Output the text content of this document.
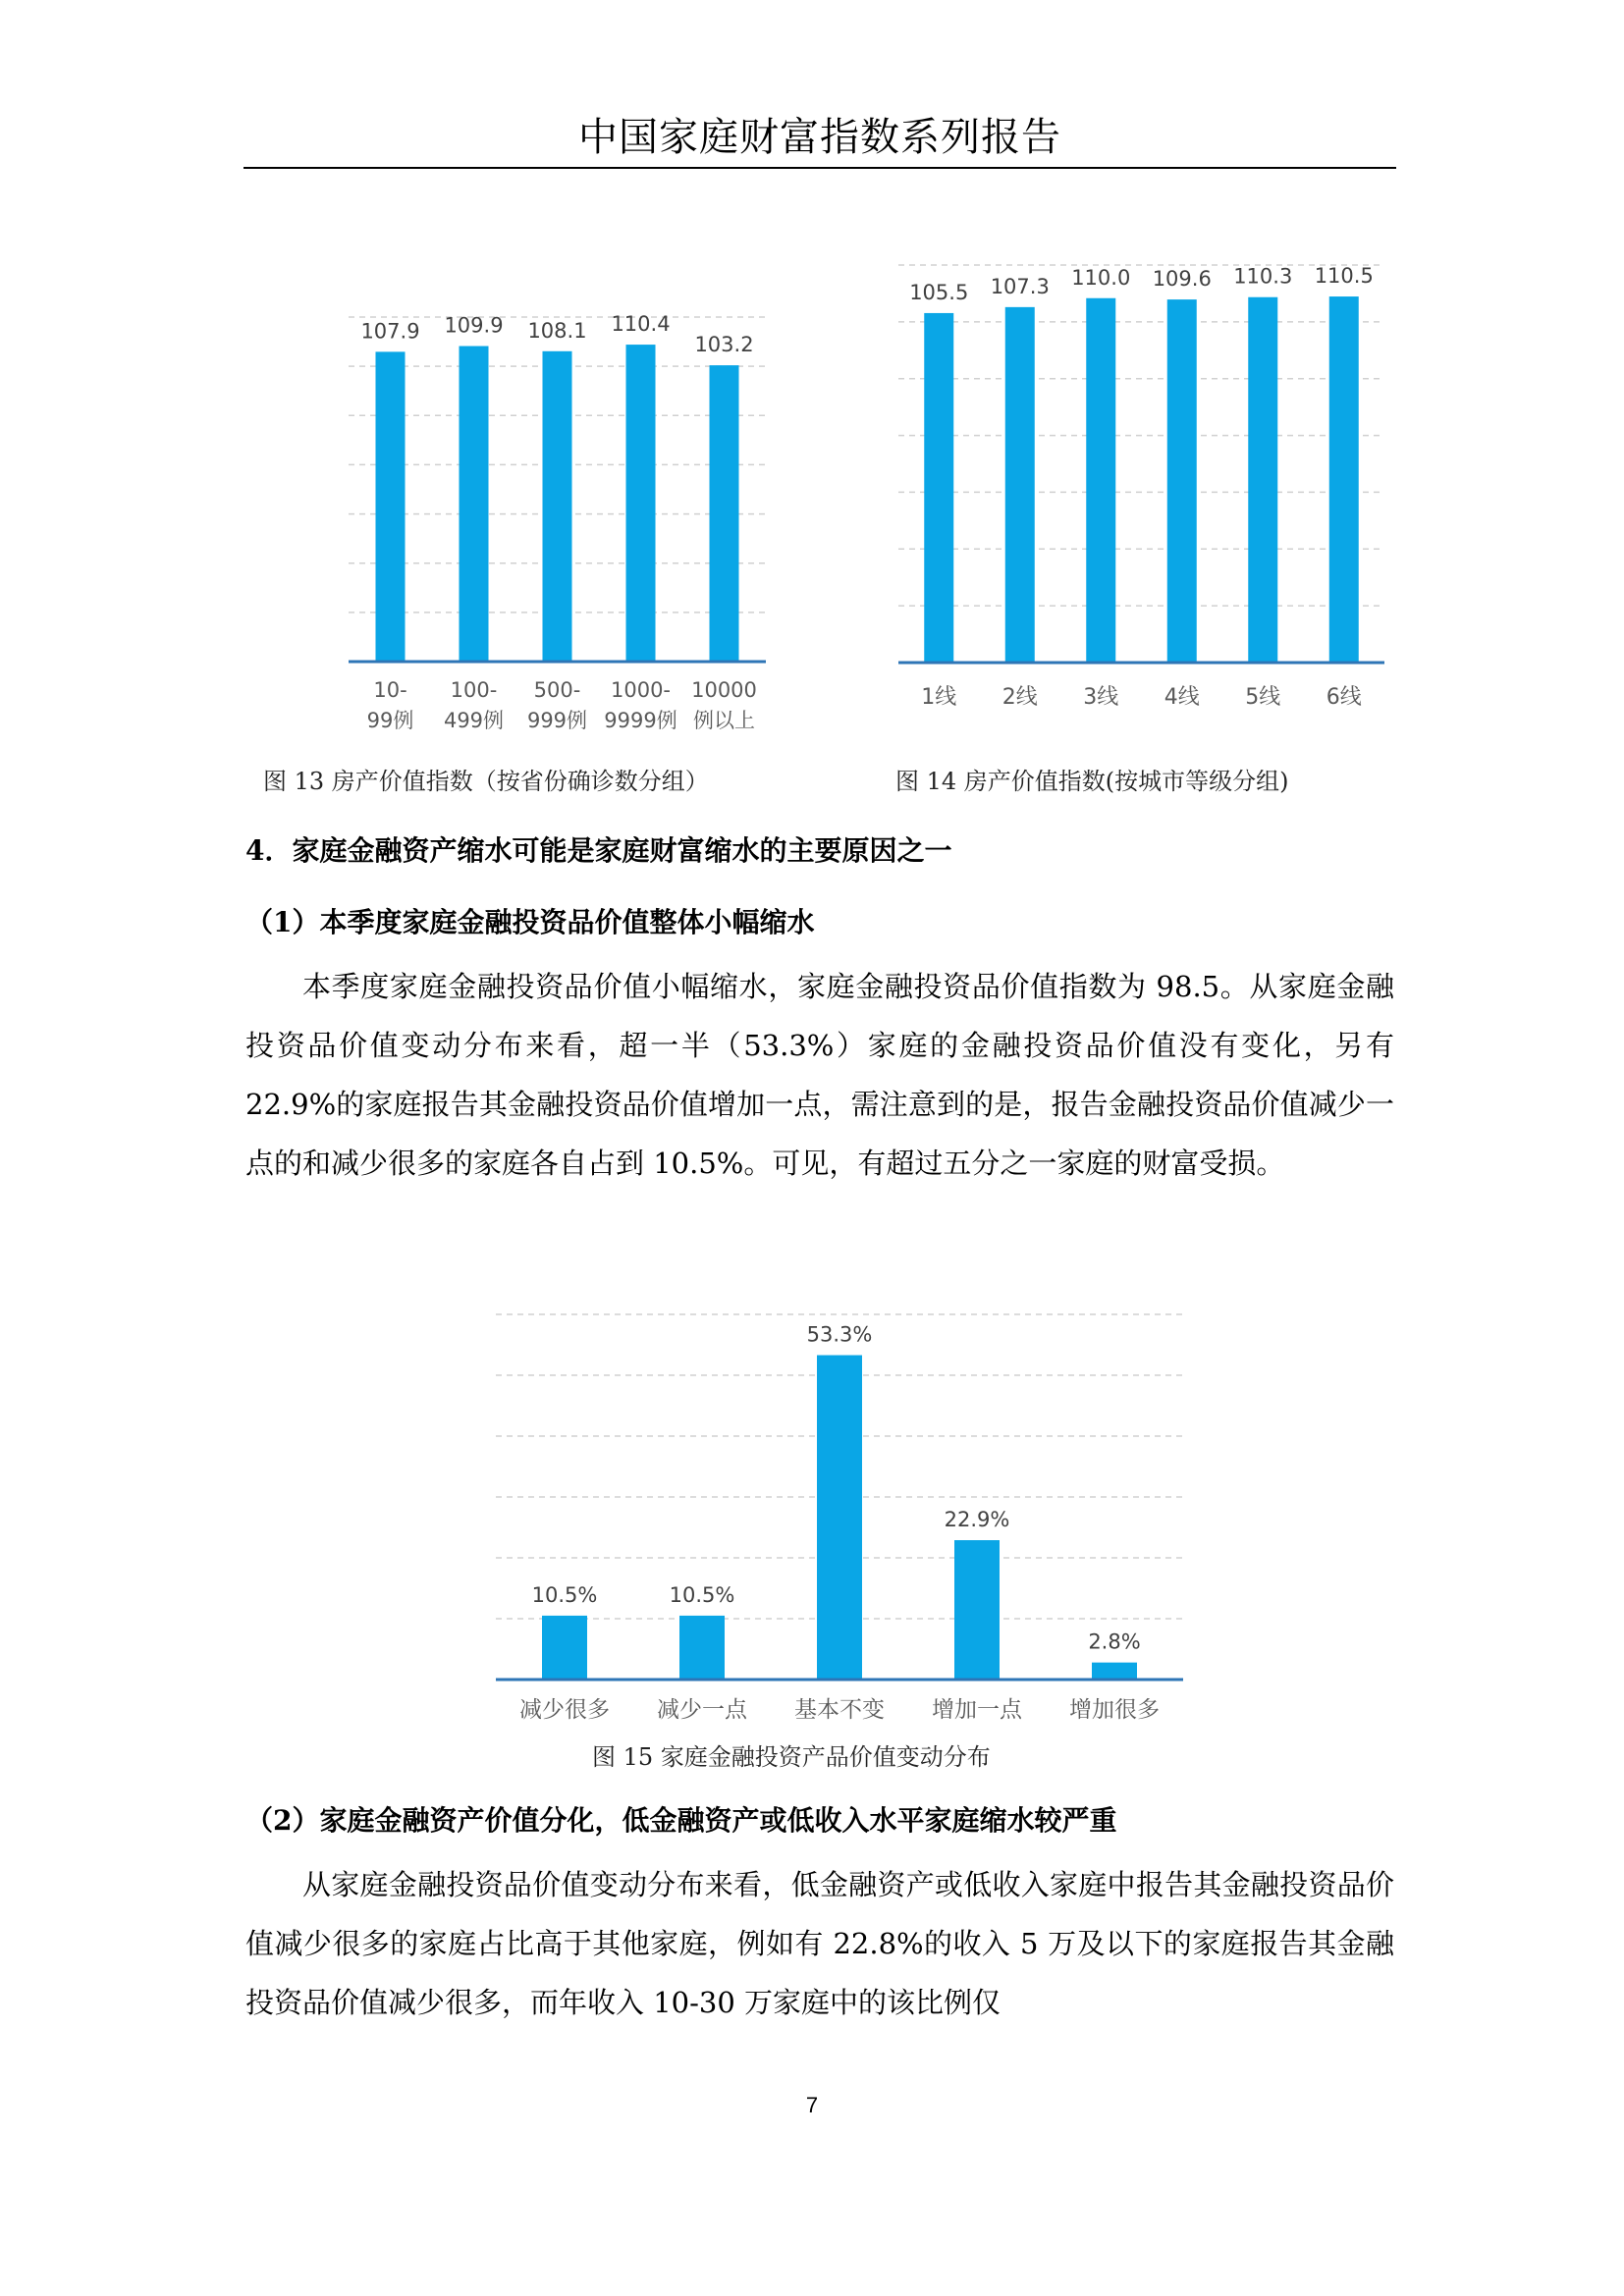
中国家庭财富指数系列报告
107.9
10-
99例
109.9
100-
499例
108.1
500-
999例
110.4
1000-
9999例
103.2
10000
例以上
图 13 房产价值指数（按省份确诊数分组）
105.5
1线
107.3
2线
110.0
3线
109.6
4线
110.3
5线
110.5
6线
图 14 房产价值指数(按城市等级分组)
4．家庭金融资产缩水可能是家庭财富缩水的主要原因之一
（1）本季度家庭金融投资品价值整体小幅缩水

本季度家庭金融投资品价值小幅缩水，家庭金融投资品价值指数为 98.5。从家庭金融投资品价值变动分布来看，超一半（53.3%）家庭的金融投资品价值没有变化，另有 22.9%的家庭报告其金融投资品价值增加一点，需注意到的是，报告金融投资品价值减少一点的和减少很多的家庭各自占到 10.5%。可见，有超过五分之一家庭的财富受损。

10.5%
减少很多
10.5%
减少一点
53.3%
基本不变
22.9%
增加一点
2.8%
增加很多
图 15 家庭金融投资产品价值变动分布
（2）家庭金融资产价值分化，低金融资产或低收入水平家庭缩水较严重

从家庭金融投资品价值变动分布来看，低金融资产或低收入家庭中报告其金融投资品价值减少很多的家庭占比高于其他家庭，例如有 22.8%的收入 5 万及以下的家庭报告其金融投资品价值减少很多，而年收入 10-30 万家庭中的该比例仅

7
